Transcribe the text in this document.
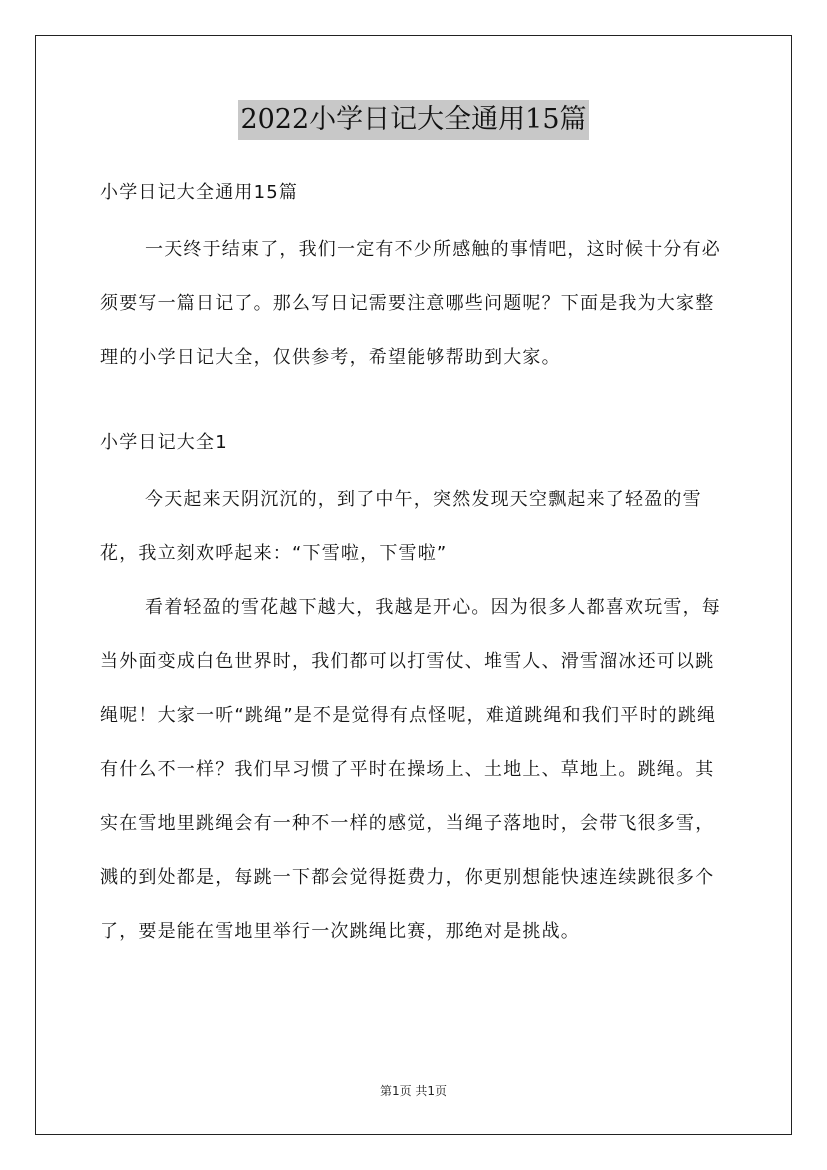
2022小学日记大全通用15篇

小学日记大全通用15篇

一天终于结束了，我们一定有不少所感触的事情吧，这时候十分有必须要写一篇日记了。那么写日记需要注意哪些问题呢？下面是我为大家整理的小学日记大全，仅供参考，希望能够帮助到大家。

小学日记大全1

今天起来天阴沉沉的，到了中午，突然发现天空飘起来了轻盈的雪花，我立刻欢呼起来：“下雪啦，下雪啦”

看着轻盈的雪花越下越大，我越是开心。因为很多人都喜欢玩雪，每当外面变成白色世界时，我们都可以打雪仗、堆雪人、滑雪溜冰还可以跳绳呢！大家一听“跳绳”是不是觉得有点怪呢，难道跳绳和我们平时的跳绳有什么不一样？我们早习惯了平时在操场上、土地上、草地上。跳绳。其实在雪地里跳绳会有一种不一样的感觉，当绳子落地时，会带飞很多雪，溅的到处都是，每跳一下都会觉得挺费力，你更别想能快速连续跳很多个了，要是能在雪地里举行一次跳绳比赛，那绝对是挑战。

第1页 共1页
